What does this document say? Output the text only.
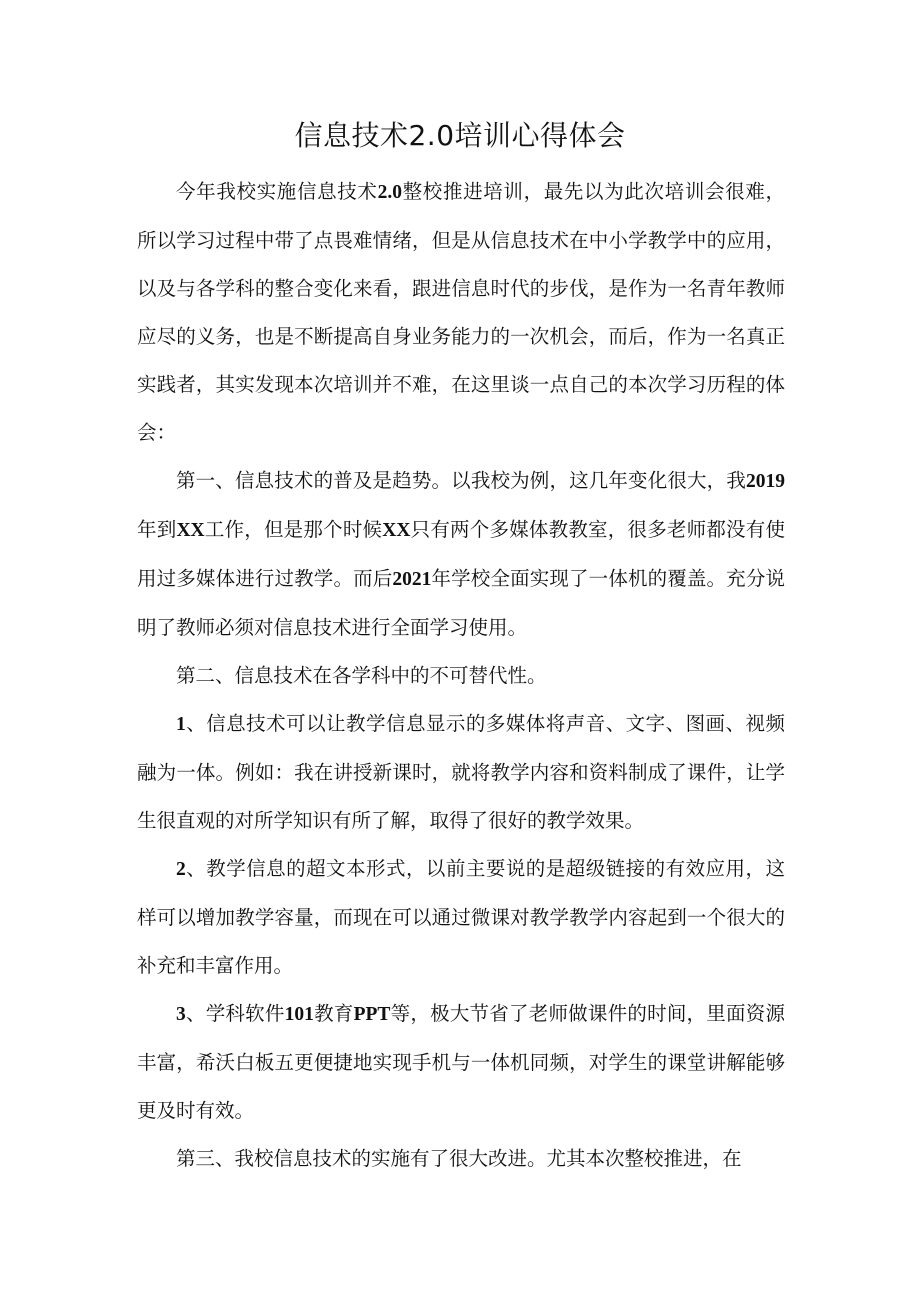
信息技术2.0培训心得体会

今年我校实施信息技术2.0整校推进培训，最先以为此次培训会很难，所以学习过程中带了点畏难情绪，但是从信息技术在中小学教学中的应用，以及与各学科的整合变化来看，跟进信息时代的步伐，是作为一名青年教师应尽的义务，也是不断提高自身业务能力的一次机会，而后，作为一名真正实践者，其实发现本次培训并不难，在这里谈一点自己的本次学习历程的体会：

第一、信息技术的普及是趋势。以我校为例，这几年变化很大，我2019年到XX工作，但是那个时候XX只有两个多媒体教教室，很多老师都没有使用过多媒体进行过教学。而后2021年学校全面实现了一体机的覆盖。充分说明了教师必须对信息技术进行全面学习使用。

第二、信息技术在各学科中的不可替代性。

1、信息技术可以让教学信息显示的多媒体将声音、文字、图画、视频融为一体。例如：我在讲授新课时，就将教学内容和资料制成了课件，让学生很直观的对所学知识有所了解，取得了很好的教学效果。

2、教学信息的超文本形式，以前主要说的是超级链接的有效应用，这样可以增加教学容量，而现在可以通过微课对教学教学内容起到一个很大的补充和丰富作用。

3、学科软件101教育PPT等，极大节省了老师做课件的时间，里面资源丰富，希沃白板五更便捷地实现手机与一体机同频，对学生的课堂讲解能够更及时有效。

第三、我校信息技术的实施有了很大改进。尤其本次整校推进，在
